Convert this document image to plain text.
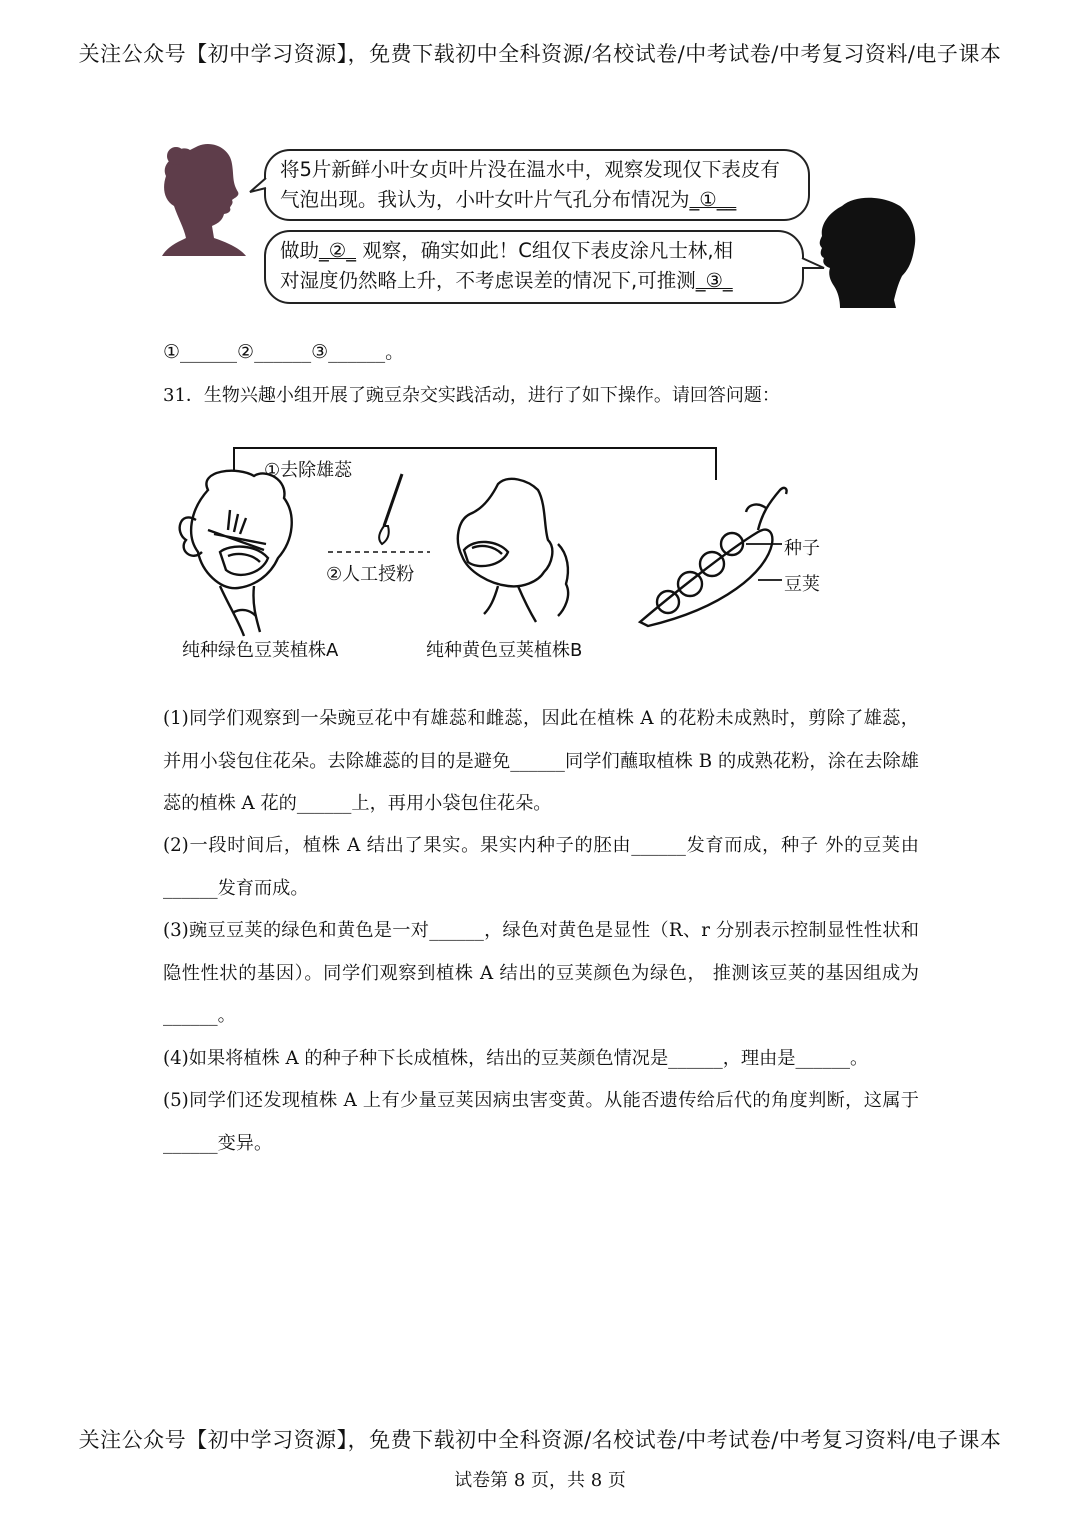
关注公众号【初中学习资源】，免费下载初中全科资源/名校试卷/中考试卷/中考复习资料/电子课本
将5片新鲜小叶女贞叶片没在温水中，观察发现仅下表皮有
气泡出现。我认为，小叶女叶片气孔分布情况为_①__
做助_②_ 观察，确实如此！C组仅下表皮涂凡士林,相
对湿度仍然略上升，不考虑误差的情况下,可推测_③_
①______②______③______。
31．生物兴趣小组开展了豌豆杂交实践活动，进行了如下操作。请回答问题：
①去除雄蕊
②人工授粉
种子
豆荚
纯种绿色豆荚植株A	纯种黄色豆荚植株B
(1)同学们观察到一朵豌豆花中有雄蕊和雌蕊，因此在植株 A 的花粉未成熟时，剪除了雄蕊，并用小袋包住花朵。去除雄蕊的目的是避免______同学们蘸取植株 B 的成熟花粉，涂在去除雄蕊的植株 A 花的______上，再用小袋包住花朵。
(2)一段时间后，植株 A 结出了果实。果实内种子的胚由______发育而成，种子 外的豆荚由______发育而成。
(3)豌豆豆荚的绿色和黄色是一对______，绿色对黄色是显性（R、r 分别表示控制显性性状和隐性性状的基因）。同学们观察到植株 A 结出的豆荚颜色为绿色， 推测该豆荚的基因组成为______。
(4)如果将植株 A 的种子种下长成植株，结出的豆荚颜色情况是______，理由是______。
(5)同学们还发现植株 A 上有少量豆荚因病虫害变黄。从能否遗传给后代的角度判断，这属于______变异。
关注公众号【初中学习资源】，免费下载初中全科资源/名校试卷/中考试卷/中考复习资料/电子课本
试卷第 8 页，共 8 页
